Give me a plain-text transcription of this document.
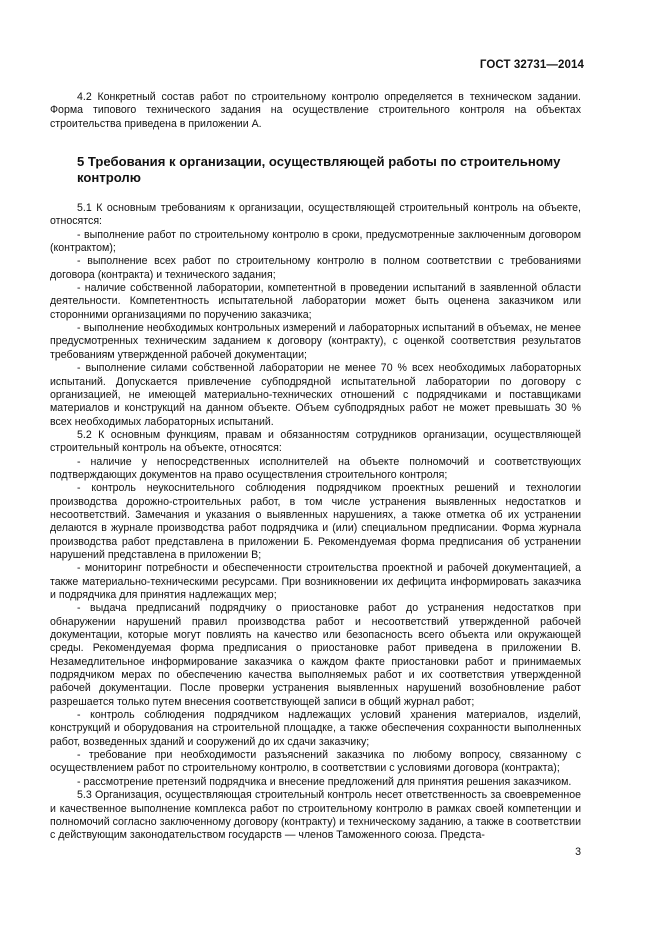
ГОСТ 32731—2014

4.2 Конкретный состав работ по строительному контролю определяется в техническом задании. Форма типового технического задания на осуществление строительного контроля на объектах строительства приведена в приложении А.

5 Требования к организации, осуществляющей работы по строительному контролю

5.1 К основным требованиям к организации, осуществляющей строительный контроль на объекте, относятся:

- выполнение работ по строительному контролю в сроки, предусмотренные заключенным договором (контрактом);

- выполнение всех работ по строительному контролю в полном соответствии с требованиями договора (контракта) и технического задания;

- наличие собственной лаборатории, компетентной в проведении испытаний в заявленной области деятельности. Компетентность испытательной лаборатории может быть оценена заказчиком или сторонними организациями по поручению заказчика;

- выполнение необходимых контрольных измерений и лабораторных испытаний в объемах, не менее предусмотренных техническим заданием к договору (контракту), с оценкой соответствия результатов требованиям утвержденной рабочей документации;

- выполнение силами собственной лаборатории не менее 70 % всех необходимых лабораторных испытаний. Допускается привлечение субподрядной испытательной лаборатории по договору с организацией, не имеющей материально-технических отношений с подрядчиками и поставщиками материалов и конструкций на данном объекте. Объем субподрядных работ не может превышать 30 % всех необходимых лабораторных испытаний.

5.2 К основным функциям, правам и обязанностям сотрудников организации, осуществляющей строительный контроль на объекте, относятся:

- наличие у непосредственных исполнителей на объекте полномочий и соответствующих подтверждающих документов на право осуществления строительного контроля;

- контроль неукоснительного соблюдения подрядчиком проектных решений и технологии производства дорожно-строительных работ, в том числе устранения выявленных недостатков и несоответствий. Замечания и указания о выявленных нарушениях, а также отметка об их устранении делаются в журнале производства работ подрядчика и (или) специальном предписании. Форма журнала производства работ представлена в приложении Б. Рекомендуемая форма предписания об устранении нарушений представлена в приложении В;

- мониторинг потребности и обеспеченности строительства проектной и рабочей документацией, а также материально-техническими ресурсами. При возникновении их дефицита информировать заказчика и подрядчика для принятия надлежащих мер;

- выдача предписаний подрядчику о приостановке работ до устранения недостатков при обнаружении нарушений правил производства работ и несоответствий утвержденной рабочей документации, которые могут повлиять на качество или безопасность всего объекта или окружающей среды. Рекомендуемая форма предписания о приостановке работ приведена в приложении В. Незамедлительное информирование заказчика о каждом факте приостановки работ и принимаемых подрядчиком мерах по обеспечению качества выполняемых работ и их соответствия утвержденной рабочей документации. После проверки устранения выявленных нарушений возобновление работ разрешается только путем внесения соответствующей записи в общий журнал работ;

- контроль соблюдения подрядчиком надлежащих условий хранения материалов, изделий, конструкций и оборудования на строительной площадке, а также обеспечения сохранности выполненных работ, возведенных зданий и сооружений до их сдачи заказчику;

- требование при необходимости разъяснений заказчика по любому вопросу, связанному с осуществлением работ по строительному контролю, в соответствии с условиями договора (контракта);

- рассмотрение претензий подрядчика и внесение предложений для принятия решения заказчиком.

5.3 Организация, осуществляющая строительный контроль несет ответственность за своевременное и качественное выполнение комплекса работ по строительному контролю в рамках своей компетенции и полномочий согласно заключенному договору (контракту) и техническому заданию, а также в соответствии с действующим законодательством государств — членов Таможенного союза. Предста-

3
